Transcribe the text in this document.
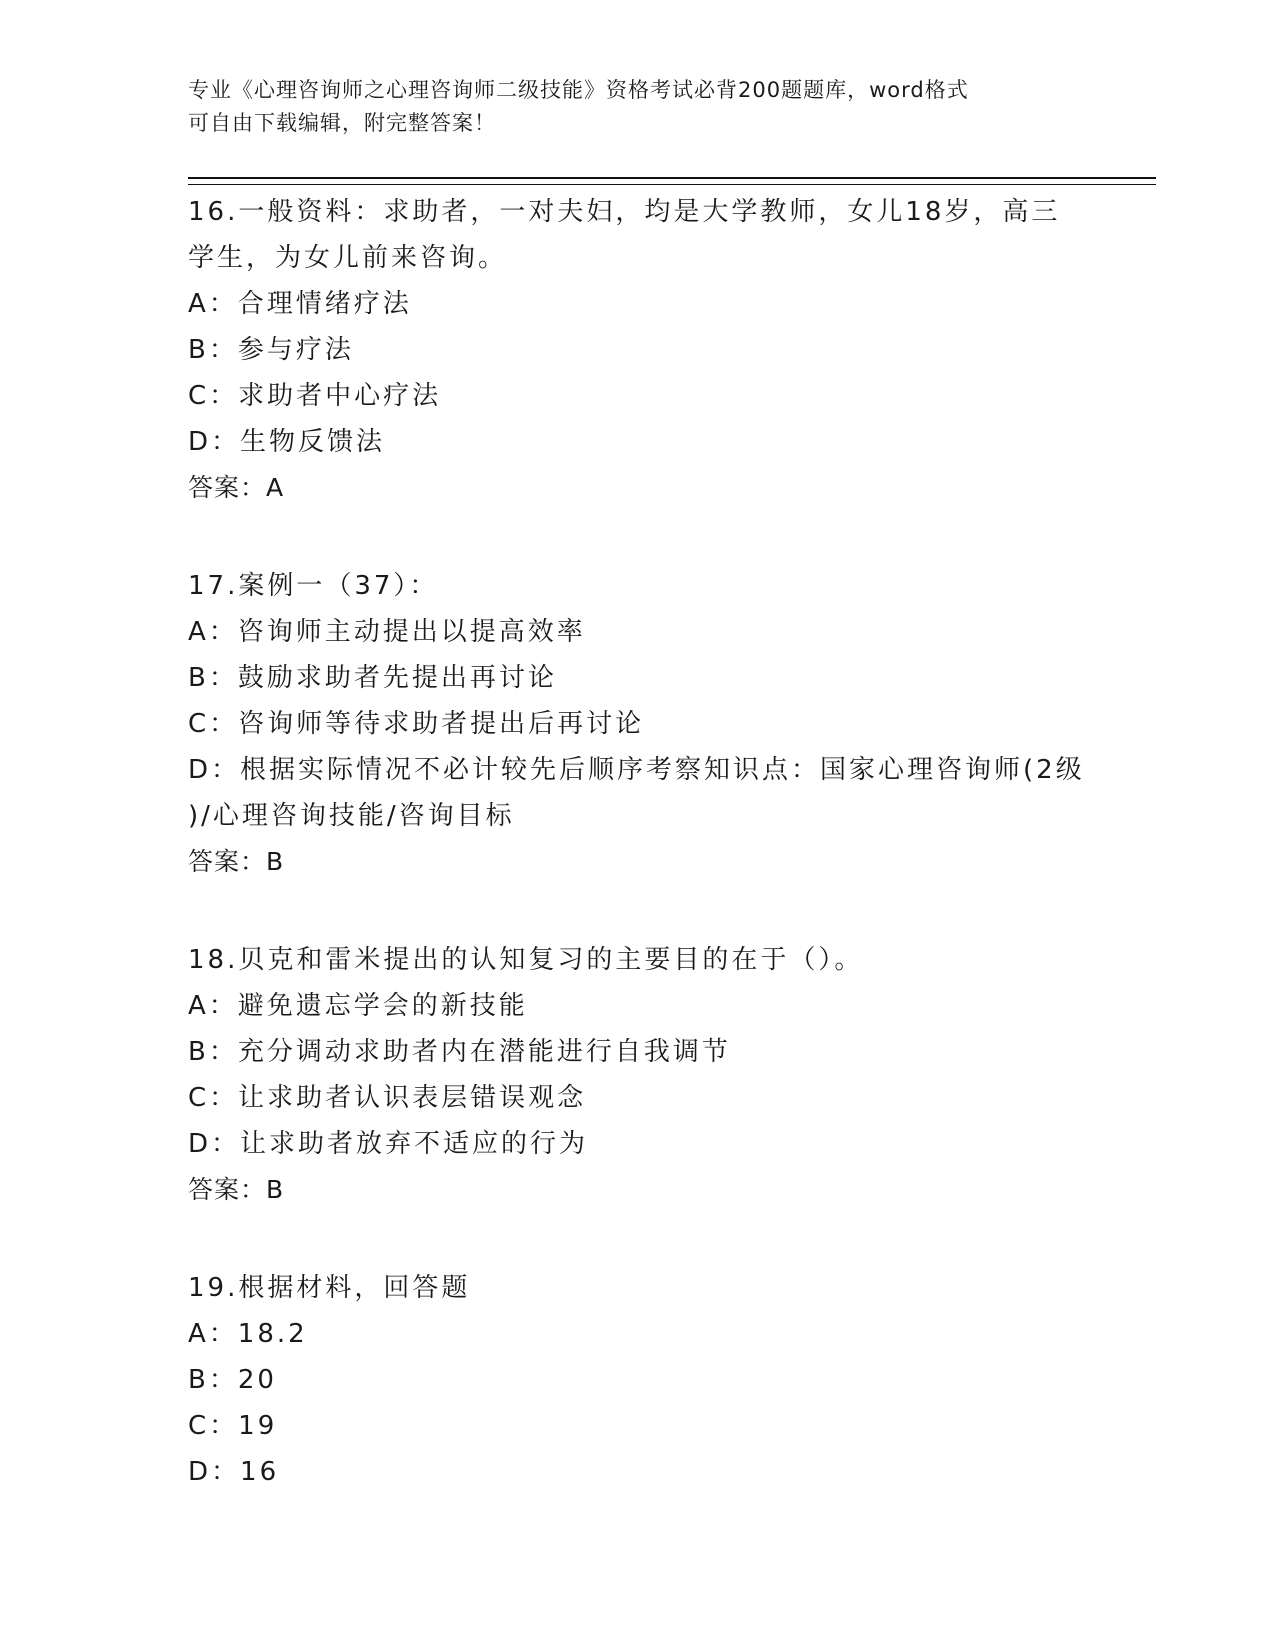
专业《心理咨询师之心理咨询师二级技能》资格考试必背200题题库，word格式
可自由下载编辑，附完整答案！
16.一般资料：求助者，一对夫妇，均是大学教师，女儿18岁，高三
学生，为女儿前来咨询。
A：合理情绪疗法
B：参与疗法
C：求助者中心疗法
D：生物反馈法
答案：A
17.案例一（37）：
A：咨询师主动提出以提高效率
B：鼓励求助者先提出再讨论
C：咨询师等待求助者提出后再讨论
D：根据实际情况不必计较先后顺序考察知识点：国家心理咨询师(2级
)/心理咨询技能/咨询目标
答案：B
18.贝克和雷米提出的认知复习的主要目的在于（）。
A：避免遗忘学会的新技能
B：充分调动求助者内在潜能进行自我调节
C：让求助者认识表层错误观念
D：让求助者放弃不适应的行为
答案：B
19.根据材料，回答题
A：18.2
B：20
C：19
D：16
